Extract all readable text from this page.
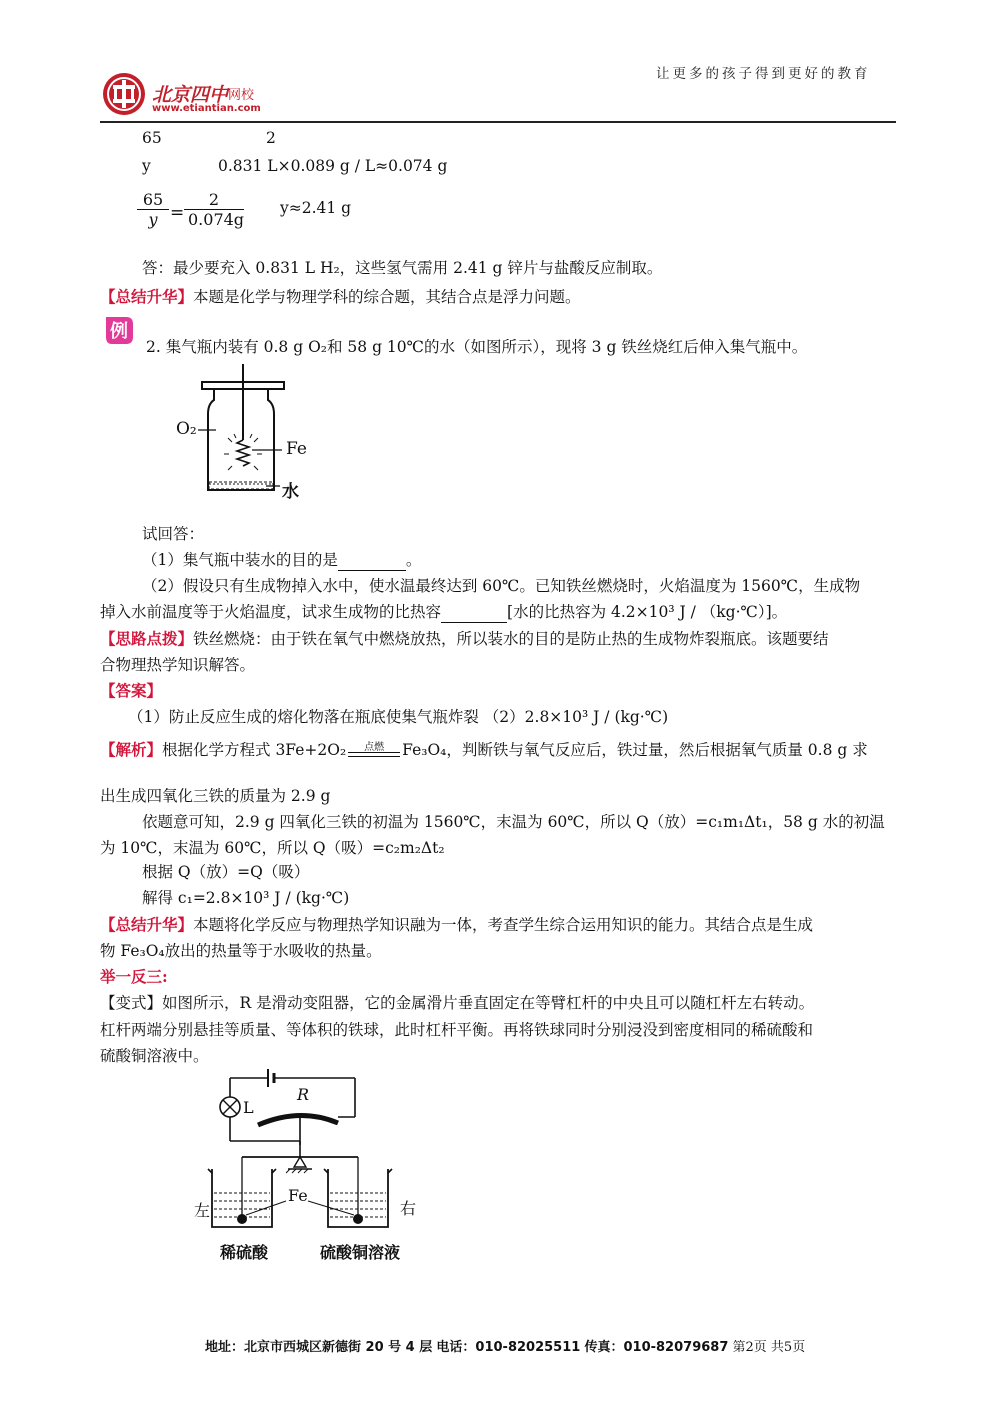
北京四中 网校
www.etiantian.com
让更多的孩子得到更好的教育
65	2
y	0.831 L×0.089 g / L≈0.074 g
65
y =
2
0.074g
y≈2.41 g
答：最少要充入 0.831 L H₂，这些氢气需用 2.41 g 锌片与盐酸反应制取。
【总结升华】本题是化学与物理学科的综合题，其结合点是浮力问题。
例
2. 集气瓶内装有 0.8 g O₂和 58 g 10℃的水（如图所示），现将 3 g 铁丝烧红后伸入集气瓶中。
O₂
Fe
水
试回答：
（1）集气瓶中装水的目的是	。
（2）假设只有生成物掉入水中，使水温最终达到 60℃。已知铁丝燃烧时，火焰温度为 1560℃，生成物
掉入水前温度等于火焰温度，试求生成物的比热容	[水的比热容为 4.2×10³ J / （kg·℃）]。
【思路点拨】铁丝燃烧：由于铁在氧气中燃烧放热，所以装水的目的是防止热的生成物炸裂瓶底。该题要结
合物理热学知识解答。
【答案】
（1）防止反应生成的熔化物落在瓶底使集气瓶炸裂 （2）2.8×10³ J / (kg·℃)
【解析】根据化学方程式 3Fe+2O₂	点燃	Fe₃O₄，判断铁与氧气反应后，铁过量，然后根据氧气质量 0.8 g 求
出生成四氧化三铁的质量为 2.9 g
依题意可知，2.9 g 四氧化三铁的初温为 1560℃，末温为 60℃，所以 Q（放）=c₁m₁Δt₁，58 g 水的初温
为 10℃，末温为 60℃，所以 Q（吸）=c₂m₂Δt₂
根据 Q（放）=Q（吸）
解得 c₁=2.8×10³ J / (kg·℃)
【总结升华】本题将化学反应与物理热学知识融为一体，考查学生综合运用知识的能力。其结合点是生成
物 Fe₃O₄放出的热量等于水吸收的热量。
举一反三:
【变式】如图所示，R 是滑动变阻器，它的金属滑片垂直固定在等臂杠杆的中央且可以随杠杆左右转动。
杠杆两端分别悬挂等质量、等体积的铁球，此时杠杆平衡。再将铁球同时分别浸没到密度相同的稀硫酸和
硫酸铜溶液中。
R
L
Fe
左	右
稀硫酸	硫酸铜溶液
地址：北京市西城区新德街 20 号 4 层 电话：010-82025511 传真：010-82079687 第2页 共5页
